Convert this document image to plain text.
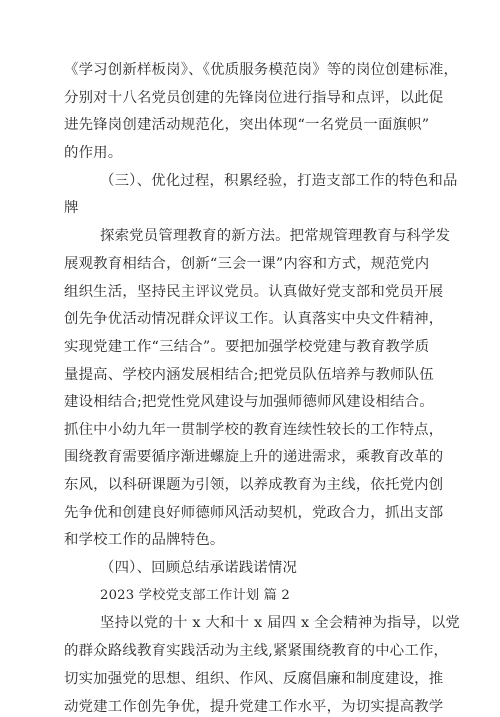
《学习创新样板岗》、《优质服务模范岗》等的岗位创建标准，
分别对十八名党员创建的先锋岗位进行指导和点评，以此促
进先锋岗创建活动规范化，突出体现“一名党员一面旗帜”
的作用。
（三）、优化过程，积累经验，打造支部工作的特色和品
牌
探索党员管理教育的新方法。把常规管理教育与科学发
展观教育相结合，创新“三会一课”内容和方式，规范党内
组织生活，坚持民主评议党员。认真做好党支部和党员开展
创先争优活动情况群众评议工作。认真落实中央文件精神，
实现党建工作“三结合”。要把加强学校党建与教育教学质
量提高、学校内涵发展相结合;把党员队伍培养与教师队伍
建设相结合;把党性党风建设与加强师德师风建设相结合。
抓住中小幼九年一贯制学校的教育连续性较长的工作特点，
围绕教育需要循序渐进螺旋上升的递进需求，乘教育改革的
东风，以科研课题为引领，以养成教育为主线，依托党内创
先争优和创建良好师德师风活动契机，党政合力，抓出支部
和学校工作的品牌特色。
（四）、回顾总结承诺践诺情况
2023 学校党支部工作计划 篇 2
坚持以党的十 x 大和十 x 届四 x 全会精神为指导，以党
的群众路线教育实践活动为主线,紧紧围绕教育的中心工作，
切实加强党的思想、组织、作风、反腐倡廉和制度建设，推
动党建工作创先争优，提升党建工作水平，为切实提高教学
